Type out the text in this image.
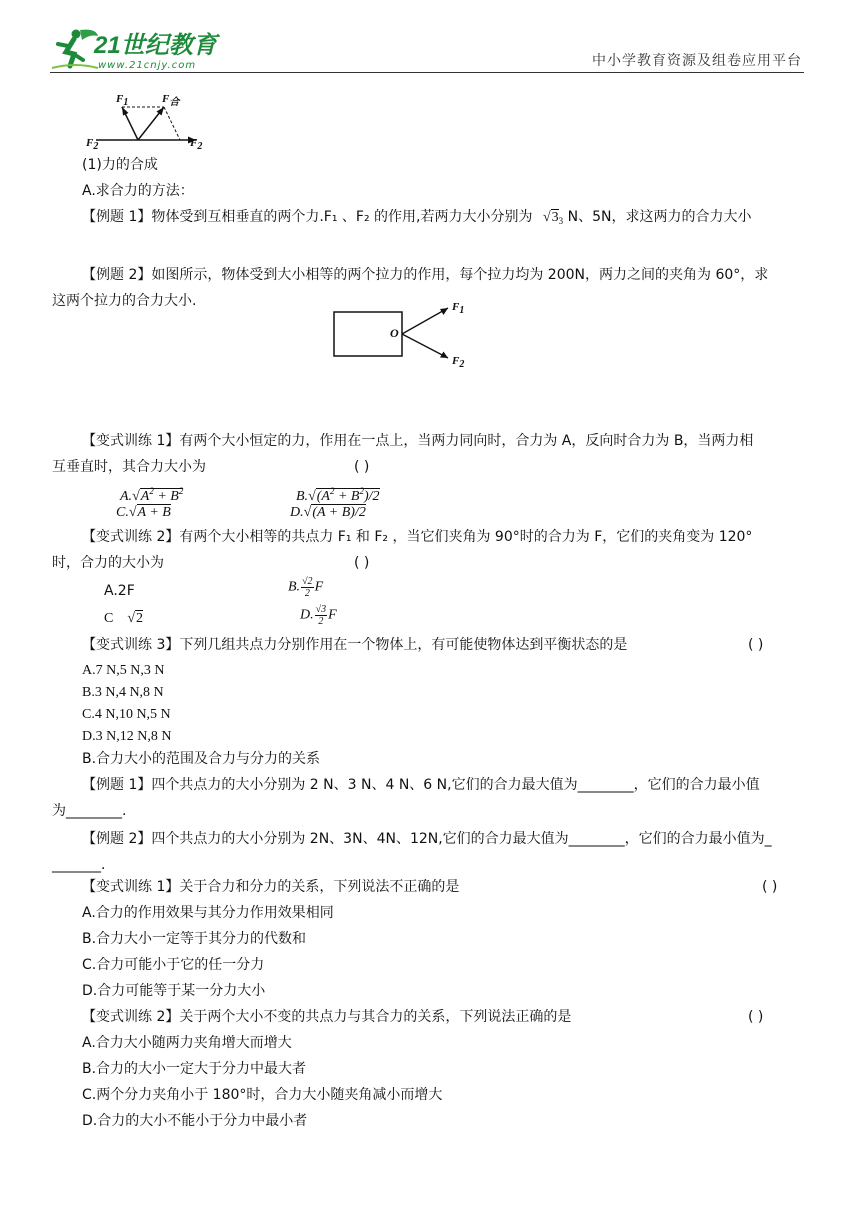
21世纪教育
www.21cnjy.com	中小学教育资源及组卷应用平台
F1	F合
F2	F2
(1)力的合成
A.求合力的方法：
【例题 1】物体受到互相垂直的两个力.F₁ 、F₂ 的作用,若两力大小分别为 $√3_3$ N、5N，求这两力的合力大小
【例题 2】如图所示，物体受到大小相等的两个拉力的作用，每个拉力均为 200N，两力之间的夹角为 60°，求
这两个拉力的合力大小.
O
F1
F2
【变式训练 1】有两个大小恒定的力，作用在一点上，当两力同向时，合力为 A，反向时合力为 B，当两力相
互垂直时，其合力大小为	( )
$A.√A^2 + B^2$	$B.√(A^2 + B^2)/2$
C.√A + B	D.√(A + B)/2
【变式训练 2】有两个大小相等的共点力 F₁ 和 F₂ ，当它们夹角为 90°时的合力为 F，它们的夹角变为 120°
时，合力的大小为	( )
A.2F	B. $\frac{√2}{2}$ F
C √2	D. $\frac{√3}{2}$ F
【变式训练 3】下列几组共点力分别作用在一个物体上，有可能使物体达到平衡状态的是	( )
A.7 N,5 N,3 N
B.3 N,4 N,8 N
C.4 N,10 N,5 N
D.3 N,12 N,8 N
B.合力大小的范围及合力与分力的关系
【例题 1】四个共点力的大小分别为 2 N、3 N、4 N、6 N,它们的合力最大值为________，它们的合力最小值
为________.
【例题 2】四个共点力的大小分别为 2N、3N、4N、12N,它们的合力最大值为________，它们的合力最小值为_
_______.
【变式训练 1】关于合力和分力的关系，下列说法不正确的是	( )
A.合力的作用效果与其分力作用效果相同
B.合力大小一定等于其分力的代数和
C.合力可能小于它的任一分力
D.合力可能等于某一分力大小
【变式训练 2】关于两个大小不变的共点力与其合力的关系，下列说法正确的是	( )
A.合力大小随两力夹角增大而增大
B.合力的大小一定大于分力中最大者
C.两个分力夹角小于 180°时，合力大小随夹角减小而增大
D.合力的大小不能小于分力中最小者
